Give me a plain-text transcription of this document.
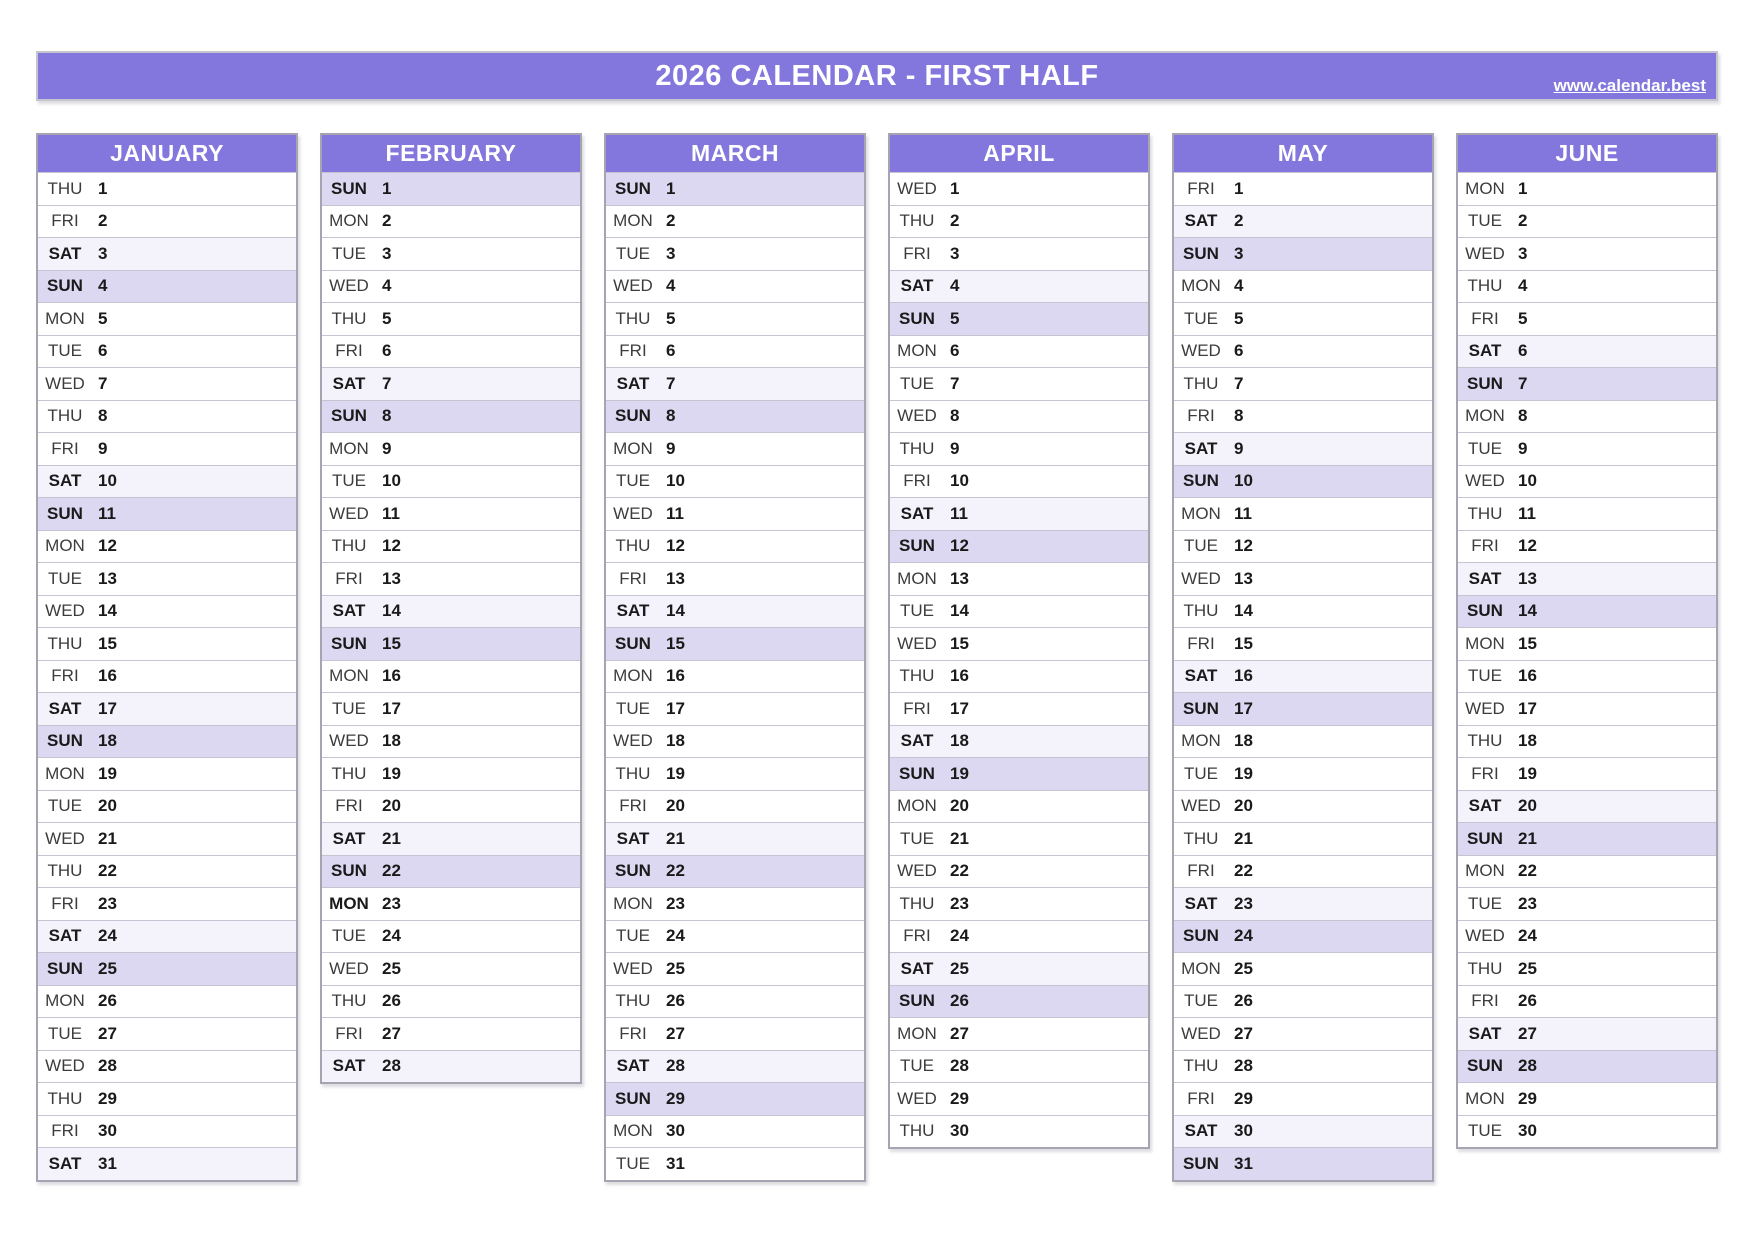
2026 CALENDAR - FIRST HALF	www.calendar.best
JANUARY
THU 1
FRI	2
SAT 3
SUN 4
MON 5
TUE 6
WED 7
THU 8
FRI	9
SAT 10
SUN 11
MON 12
TUE 13
WED 14
THU 15
FRI	16
SAT 17
SUN 18
MON 19
TUE 20
WED 21
THU 22
FRI	23
SAT 24
SUN 25
MON 26
TUE 27
WED 28
THU 29
FRI	30
SAT 31
FEBRUARY
SUN 1
MON 2
TUE 3
WED 4
THU 5
FRI	6
SAT 7
SUN 8
MON 9
TUE 10
WED 11
THU 12
FRI	13
SAT 14
SUN 15
MON 16
TUE 17
WED 18
THU 19
FRI	20
SAT 21
SUN 22
MON 23
TUE 24
WED 25
THU 26
FRI	27
SAT 28
MARCH
SUN 1
MON 2
TUE 3
WED 4
THU 5
FRI	6
SAT 7
SUN 8
MON 9
TUE 10
WED 11
THU 12
FRI	13
SAT 14
SUN 15
MON 16
TUE 17
WED 18
THU 19
FRI	20
SAT 21
SUN 22
MON 23
TUE 24
WED 25
THU 26
FRI	27
SAT 28
SUN 29
MON 30
TUE 31
APRIL
WED 1
THU 2
FRI	3
SAT 4
SUN 5
MON 6
TUE 7
WED 8
THU 9
FRI	10
SAT 11
SUN 12
MON 13
TUE 14
WED 15
THU 16
FRI	17
SAT 18
SUN 19
MON 20
TUE 21
WED 22
THU 23
FRI	24
SAT 25
SUN 26
MON 27
TUE 28
WED 29
THU 30
MAY
FRI	1
SAT 2
SUN 3
MON 4
TUE 5
WED 6
THU 7
FRI	8
SAT 9
SUN 10
MON 11
TUE 12
WED 13
THU 14
FRI	15
SAT 16
SUN 17
MON 18
TUE 19
WED 20
THU 21
FRI	22
SAT 23
SUN 24
MON 25
TUE 26
WED 27
THU 28
FRI	29
SAT 30
SUN 31
JUNE
MON 1
TUE 2
WED 3
THU 4
FRI	5
SAT 6
SUN 7
MON 8
TUE 9
WED 10
THU 11
FRI	12
SAT 13
SUN 14
MON 15
TUE 16
WED 17
THU 18
FRI	19
SAT 20
SUN 21
MON 22
TUE 23
WED 24
THU 25
FRI	26
SAT 27
SUN 28
MON 29
TUE 30
